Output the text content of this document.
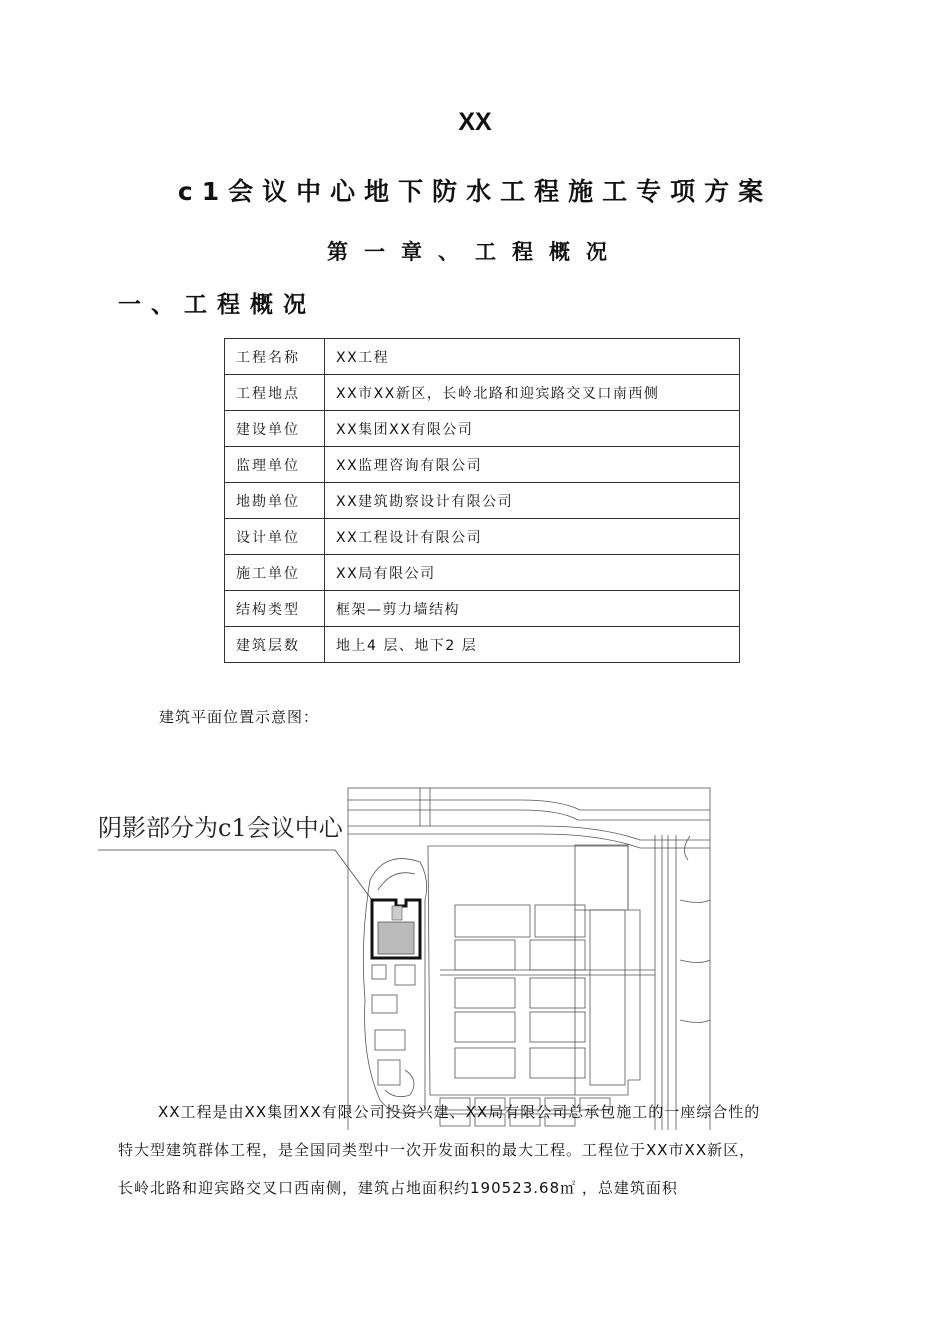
XX
c1会议中心地下防水工程施工专项方案
第一章、工程概况
一、工程概况
工程名称	XX工程
工程地点	XX市XX新区，长岭北路和迎宾路交叉口南西侧
建设单位	XX集团XX有限公司
监理单位	XX监理咨询有限公司
地勘单位	XX建筑勘察设计有限公司
设计单位	XX工程设计有限公司
施工单位	XX局有限公司
结构类型	框架—剪力墙结构
建筑层数	地上4 层、地下2 层
建筑平面位置示意图：
阴影部分为c1会议中心
XX工程是由XX集团XX有限公司投资兴建、XX局有限公司总承包施工的一座综合性的
特大型建筑群体工程，是全国同类型中一次开发面积的最大工程。工程位于XX市XX新区，
长岭北路和迎宾路交叉口西南侧，建筑占地面积约190523.68㎡ ，总建筑面积
